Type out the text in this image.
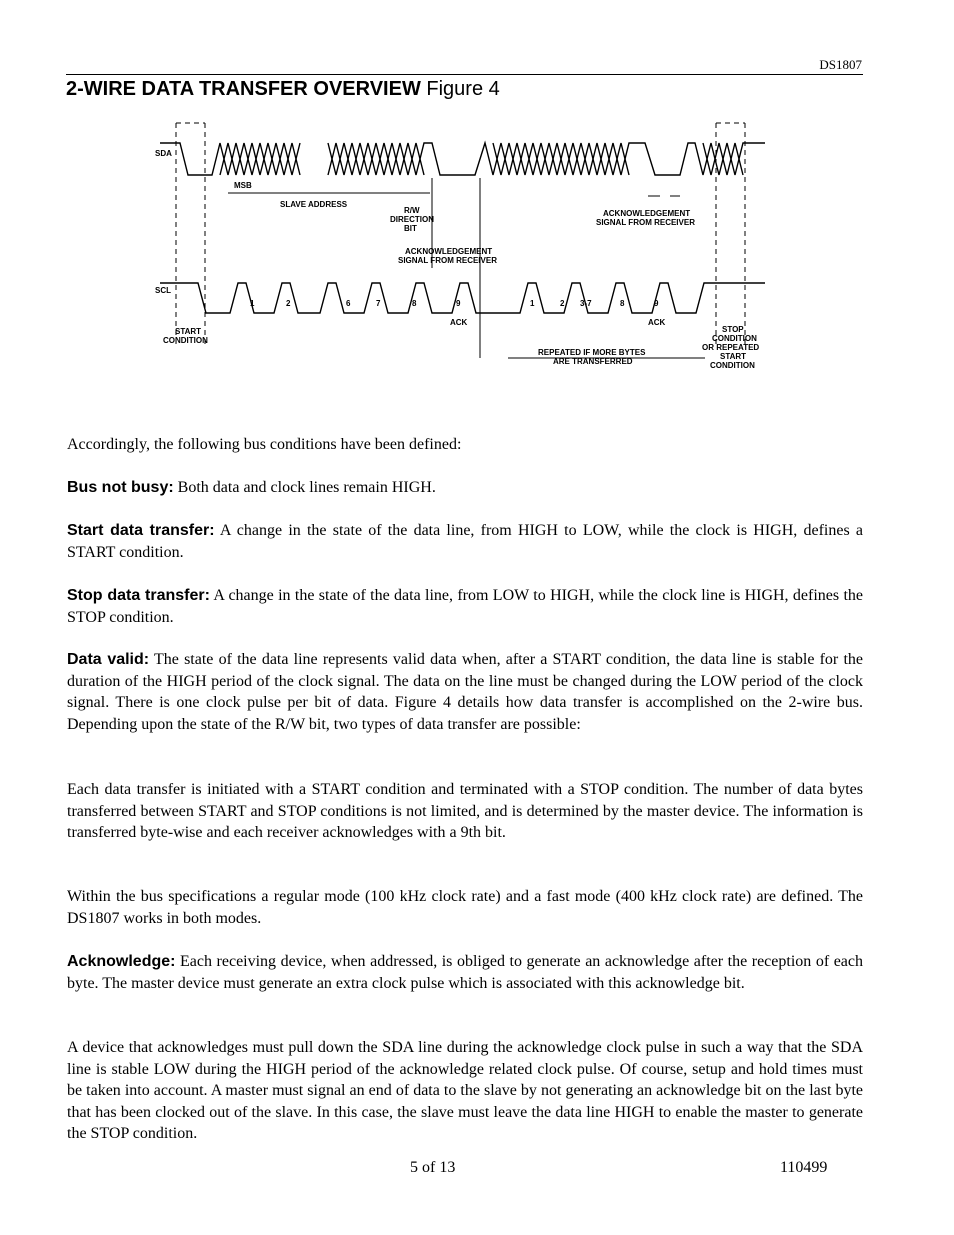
DS1807
2-WIRE DATA TRANSFER OVERVIEW Figure 4
SDA
SCL
MSB
SLAVE ADDRESS
R/W
DIRECTION
BIT
ACKNOWLEDGEMENT
SIGNAL FROM RECEIVER
ACKNOWLEDGEMENT
SIGNAL FROM RECEIVER
START
CONDITION
ACK	ACK
REPEATED IF MORE BYTES
ARE TRANSFERRED
STOP
CONDITION
OR REPEATED
START
CONDITION
1	2	6	7	8	9	1	2 3-7	8	9
Accordingly, the following bus conditions have been defined:
Bus not busy: Both data and clock lines remain HIGH.
Start data transfer: A change in the state of the data line, from HIGH to LOW, while the clock is HIGH, defines a START condition.
Stop data transfer: A change in the state of the data line, from LOW to HIGH, while the clock line is HIGH, defines the STOP condition.
Data valid: The state of the data line represents valid data when, after a START condition, the data line is stable for the duration of the HIGH period of the clock signal. The data on the line must be changed during the LOW period of the clock signal. There is one clock pulse per bit of data. Figure 4 details how data transfer is accomplished on the 2-wire bus. Depending upon the state of the R/W bit, two types of data transfer are possible:
Each data transfer is initiated with a START condition and terminated with a STOP condition. The number of data bytes transferred between START and STOP conditions is not limited, and is determined by the master device. The information is transferred byte-wise and each receiver acknowledges with a 9th bit.
Within the bus specifications a regular mode (100 kHz clock rate) and a fast mode (400 kHz clock rate) are defined. The DS1807 works in both modes.
Acknowledge: Each receiving device, when addressed, is obliged to generate an acknowledge after the reception of each byte. The master device must generate an extra clock pulse which is associated with this acknowledge bit.
A device that acknowledges must pull down the SDA line during the acknowledge clock pulse in such a way that the SDA line is stable LOW during the HIGH period of the acknowledge related clock pulse. Of course, setup and hold times must be taken into account. A master must signal an end of data to the slave by not generating an acknowledge bit on the last byte that has been clocked out of the slave. In this case, the slave must leave the data line HIGH to enable the master to generate the STOP condition.
5 of 13	110499
